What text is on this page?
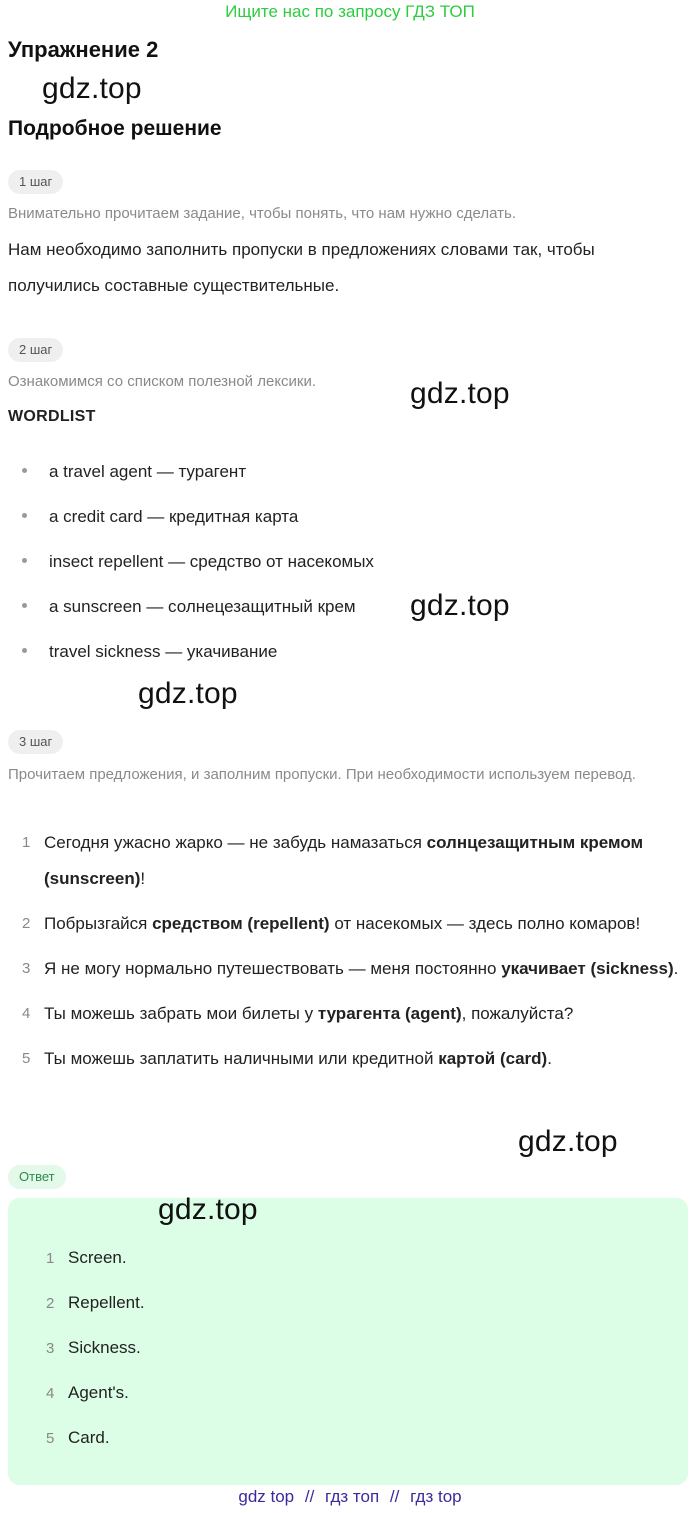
Ищите нас по запросу ГДЗ ТОП
Упражнение 2
gdz.top
Подробное решение
1 шаг

Внимательно прочитаем задание, чтобы понять, что нам нужно сделать.

Нам необходимо заполнить пропуски в предложениях словами так, чтобы получились составные существительные.

2 шаг

Ознакомимся со списком полезной лексики.	gdz.top
WORDLIST
a travel agent — турагент
a credit card — кредитная карта
insect repellent — средство от насекомых
a sunscreen — солнецезащитный крем
travel sickness — укачивание
gdz.top
gdz.top
3 шаг

Прочитаем предложения, и заполним пропуски. При необходимости используем перевод.

1 Сегодня ужасно жарко — не забудь намазаться солнцезащитным кремом (sunscreen)!
2 Побрызгайся средством (repellent) от насекомых — здесь полно комаров!
3 Я не могу нормально путешествовать — меня постоянно укачивает (sickness).
4 Ты можешь забрать мои билеты у турагента (agent), пожалуйста?
5 Ты можешь заплатить наличными или кредитной картой (card).
gdz.top
Ответ
gdz.top
1 Screen.
2 Repellent.
3 Sickness.
4 Agent's.
5 Card.
gdz top // гдз топ // гдз top
